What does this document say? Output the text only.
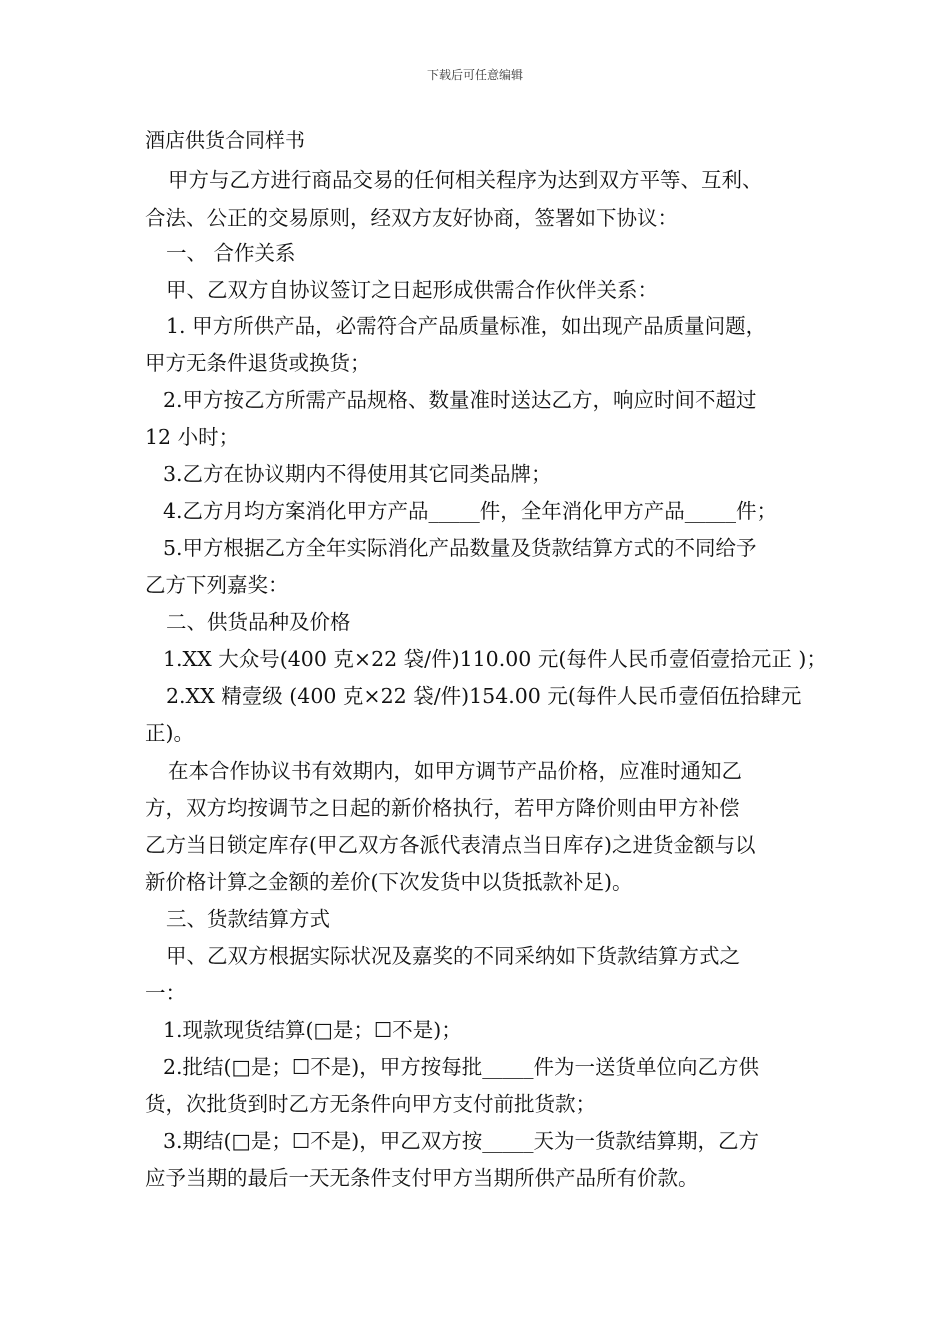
下载后可任意编辑
酒店供货合同样书
甲方与乙方进行商品交易的任何相关程序为达到双方平等、互利、
合法、公正的交易原则，经双方友好协商，签署如下协议：
一、 合作关系
甲、乙双方自协议签订之日起形成供需合作伙伴关系：
1. 甲方所供产品，必需符合产品质量标准，如出现产品质量问题，
甲方无条件退货或换货；
2.甲方按乙方所需产品规格、数量准时送达乙方，响应时间不超过
12 小时；
3.乙方在协议期内不得使用其它同类品牌；
4.乙方月均方案消化甲方产品_____件，全年消化甲方产品_____件；
5.甲方根据乙方全年实际消化产品数量及货款结算方式的不同给予
乙方下列嘉奖：
二、供货品种及价格
1.XX 大众号(400 克×22 袋/件)110.00 元(每件人民币壹佰壹拾元正 )；
2.XX 精壹级 (400 克×22 袋/件)154.00 元(每件人民币壹佰伍拾肆元
正)。
在本合作协议书有效期内，如甲方调节产品价格，应准时通知乙
方，双方均按调节之日起的新价格执行，若甲方降价则由甲方补偿
乙方当日锁定库存(甲乙双方各派代表清点当日库存)之进货金额与以
新价格计算之金额的差价(下次发货中以货抵款补足)。
三、货款结算方式
甲、乙双方根据实际状况及嘉奖的不同采纳如下货款结算方式之
一：
1.现款现货结算(□是；☐不是)；
2.批结(□是；☐不是)，甲方按每批_____件为一送货单位向乙方供
货，次批货到时乙方无条件向甲方支付前批货款；
3.期结(□是；☐不是)，甲乙双方按_____天为一货款结算期，乙方
应予当期的最后一天无条件支付甲方当期所供产品所有价款。
